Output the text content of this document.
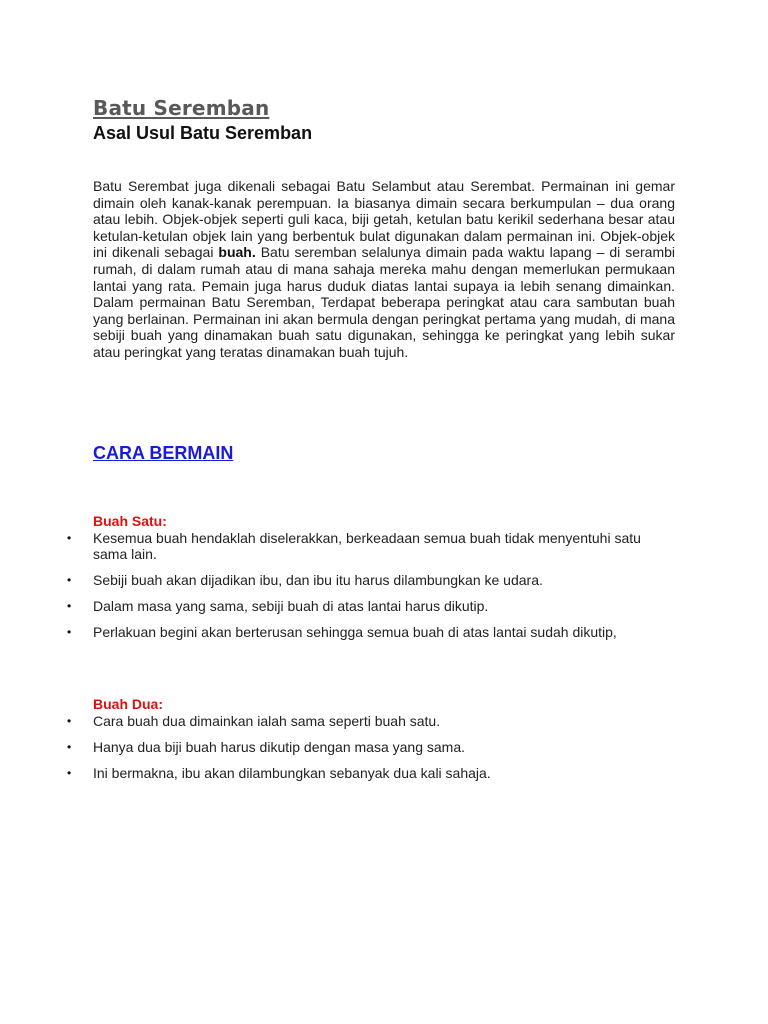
Batu Seremban
Asal Usul Batu Seremban

Batu Serembat juga dikenali sebagai Batu Selambut atau Serembat. Permainan ini gemar dimain oleh kanak-kanak perempuan. Ia biasanya dimain secara berkumpulan – dua orang atau lebih. Objek-objek seperti guli kaca, biji getah, ketulan batu kerikil sederhana besar atau ketulan-ketulan objek lain yang berbentuk bulat digunakan dalam permainan ini. Objek-objek ini dikenali sebagai buah. Batu seremban selalunya dimain pada waktu lapang – di serambi rumah, di dalam rumah atau di mana sahaja mereka mahu dengan memerlukan permukaan lantai yang rata. Pemain juga harus duduk diatas lantai supaya ia lebih senang dimainkan. Dalam permainan Batu Seremban, Terdapat beberapa peringkat atau cara sambutan buah yang berlainan. Permainan ini akan bermula dengan peringkat pertama yang mudah, di mana sebiji buah yang dinamakan buah satu digunakan, sehingga ke peringkat yang lebih sukar atau peringkat yang teratas dinamakan buah tujuh.

CARA BERMAIN

Buah Satu:

• Kesemua buah hendaklah diselerakkan, berkeadaan semua buah tidak menyentuhi satu sama lain.
• Sebiji buah akan dijadikan ibu, dan ibu itu harus dilambungkan ke udara.
• Dalam masa yang sama, sebiji buah di atas lantai harus dikutip.
• Perlakuan begini akan berterusan sehingga semua buah di atas lantai sudah dikutip,

Buah Dua:

• Cara buah dua dimainkan ialah sama seperti buah satu.
• Hanya dua biji buah harus dikutip dengan masa yang sama.
• Ini bermakna, ibu akan dilambungkan sebanyak dua kali sahaja.
